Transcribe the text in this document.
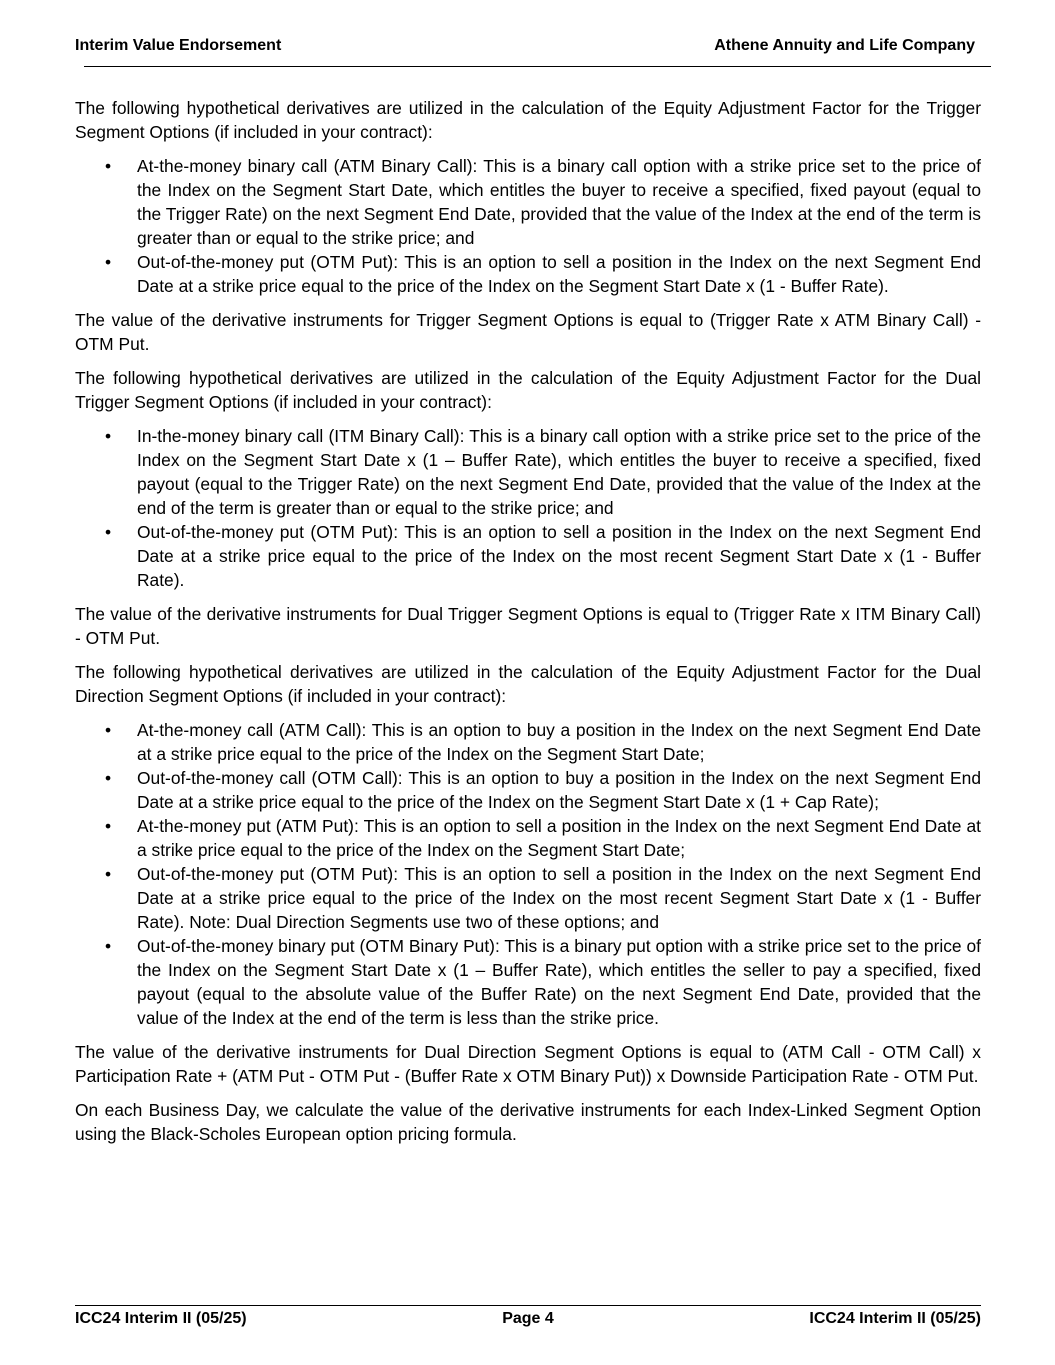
Interim Value Endorsement	Athene Annuity and Life Company

The following hypothetical derivatives are utilized in the calculation of the Equity Adjustment Factor for the Trigger Segment Options (if included in your contract):

• At-the-money binary call (ATM Binary Call): This is a binary call option with a strike price set to the price of the Index on the Segment Start Date, which entitles the buyer to receive a specified, fixed payout (equal to the Trigger Rate) on the next Segment End Date, provided that the value of the Index at the end of the term is greater than or equal to the strike price; and
• Out-of-the-money put (OTM Put): This is an option to sell a position in the Index on the next Segment End Date at a strike price equal to the price of the Index on the Segment Start Date x (1 - Buffer Rate).

The value of the derivative instruments for Trigger Segment Options is equal to (Trigger Rate x ATM Binary Call) - OTM Put.

The following hypothetical derivatives are utilized in the calculation of the Equity Adjustment Factor for the Dual Trigger Segment Options (if included in your contract):

• In-the-money binary call (ITM Binary Call): This is a binary call option with a strike price set to the price of the Index on the Segment Start Date x (1 – Buffer Rate), which entitles the buyer to receive a specified, fixed payout (equal to the Trigger Rate) on the next Segment End Date, provided that the value of the Index at the end of the term is greater than or equal to the strike price; and
• Out-of-the-money put (OTM Put): This is an option to sell a position in the Index on the next Segment End Date at a strike price equal to the price of the Index on the most recent Segment Start Date x (1 - Buffer Rate).

The value of the derivative instruments for Dual Trigger Segment Options is equal to (Trigger Rate x ITM Binary Call) - OTM Put.

The following hypothetical derivatives are utilized in the calculation of the Equity Adjustment Factor for the Dual Direction Segment Options (if included in your contract):

• At-the-money call (ATM Call): This is an option to buy a position in the Index on the next Segment End Date at a strike price equal to the price of the Index on the Segment Start Date;
• Out-of-the-money call (OTM Call): This is an option to buy a position in the Index on the next Segment End Date at a strike price equal to the price of the Index on the Segment Start Date x (1 + Cap Rate);
• At-the-money put (ATM Put): This is an option to sell a position in the Index on the next Segment End Date at a strike price equal to the price of the Index on the Segment Start Date;
• Out-of-the-money put (OTM Put): This is an option to sell a position in the Index on the next Segment End Date at a strike price equal to the price of the Index on the most recent Segment Start Date x (1 - Buffer Rate). Note: Dual Direction Segments use two of these options; and
• Out-of-the-money binary put (OTM Binary Put): This is a binary put option with a strike price set to the price of the Index on the Segment Start Date x (1 – Buffer Rate), which entitles the seller to pay a specified, fixed payout (equal to the absolute value of the Buffer Rate) on the next Segment End Date, provided that the value of the Index at the end of the term is less than the strike price.

The value of the derivative instruments for Dual Direction Segment Options is equal to (ATM Call - OTM Call) x Participation Rate + (ATM Put - OTM Put - (Buffer Rate x OTM Binary Put)) x Downside Participation Rate - OTM Put.

On each Business Day, we calculate the value of the derivative instruments for each Index-Linked Segment Option using the Black-Scholes European option pricing formula.

ICC24 Interim II (05/25)	Page 4	ICC24 Interim II (05/25)
